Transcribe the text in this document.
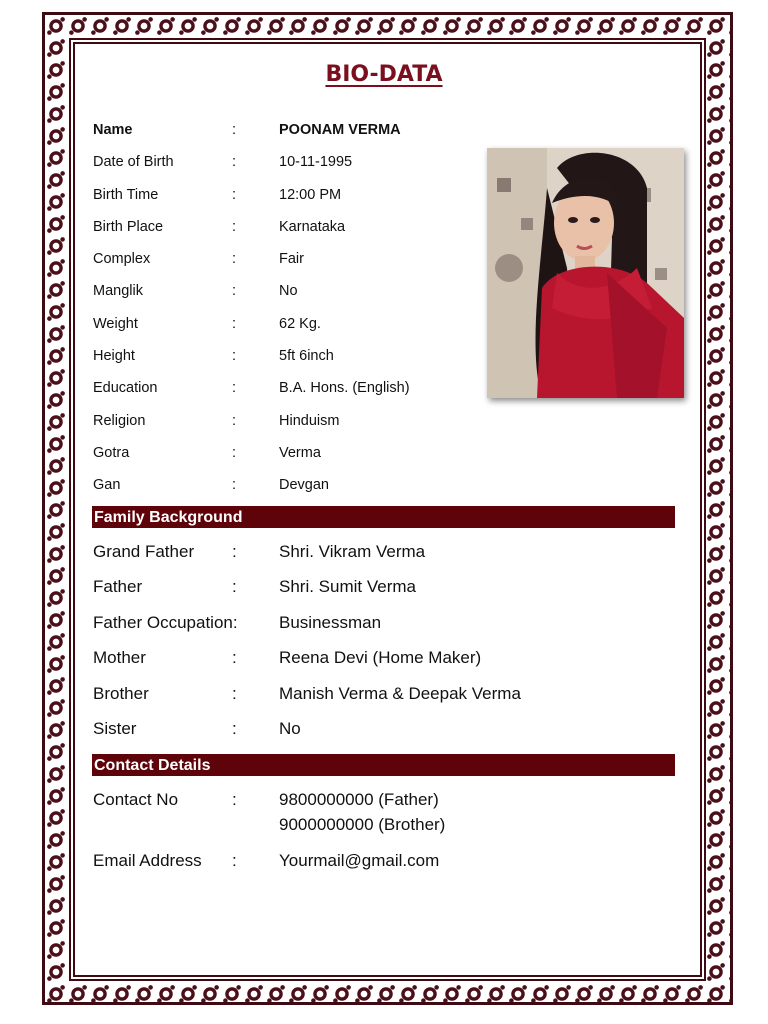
BIO-DATA
Name	:	POONAM VERMA
Date of Birth	:	10-11-1995
Birth Time	:	12:00 PM
Birth Place	:	Karnataka
Complex	:	Fair
Manglik	:	No
Weight	:	62 Kg.
Height	:	5ft 6inch
Education	:	B.A. Hons. (English)
Religion	:	Hinduism
Gotra	:	Verma
Gan	:	Devgan
Family Background
Grand Father : Shri. Vikram Verma
Father	: Shri. Sumit Verma
Father Occupation: Businessman
Mother	: Reena Devi (Home Maker)
Brother	: Manish Verma & Deepak Verma
Sister	: No
Contact Details
Contact No	: 9800000000 (Father)
9000000000 (Brother)
Email Address : Yourmail@gmail.com
